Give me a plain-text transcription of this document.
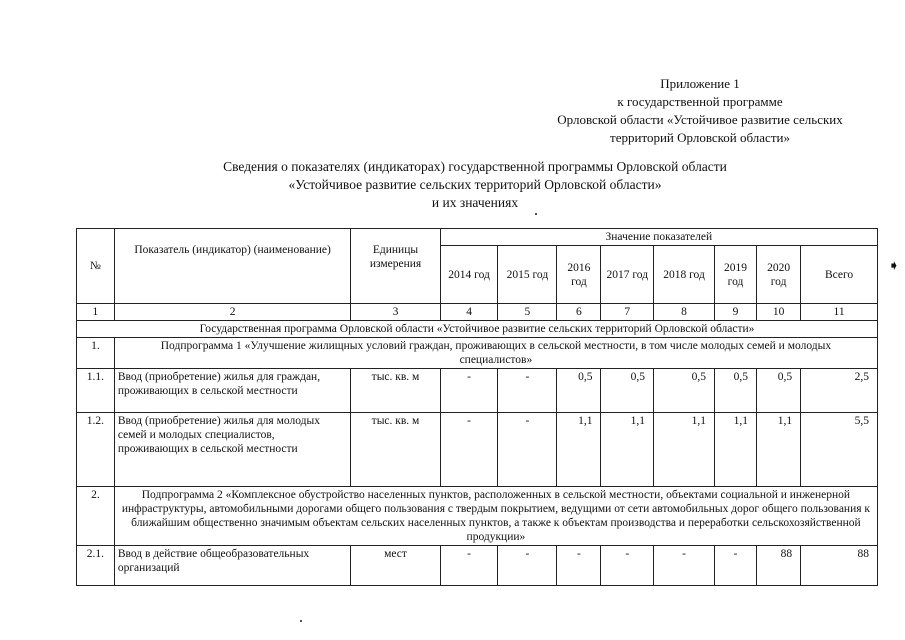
Приложение 1
к государственной программе
Орловской области «Устойчивое развитие сельских
территорий Орловской области»
Сведения о показателях (индикаторах) государственной программы Орловской области
«Устойчивое развитие сельских территорий Орловской области»
и их значениях
➧
№	Показатель (индикатор) (наименование)	Единицы измерения	Значение показателей							
			2014 год	2015 год	2016 год	2017 год	2018 год	2019 год	2020 год	Всего
1	2	3	4	5	6	7	8	9	10	11
Государственная программа Орловской области «Устойчивое развитие сельских территорий Орловской области»										
1.	Подпрограмма 1 «Улучшение жилищных условий граждан, проживающих в сельской местности, в том числе молодых семей и молодых специалистов»									
1.1.	Ввод (приобретение) жилья для граждан, проживающих в сельской местности	тыс. кв. м	-	-	0,5	0,5	0,5	0,5	0,5	2,5
1.2.	Ввод (приобретение) жилья для молодых семей и молодых специалистов, проживающих в сельской местности	тыс. кв. м	-	-	1,1	1,1	1,1	1,1	1,1	5,5
2.	Подпрограмма 2 «Комплексное обустройство населенных пунктов, расположенных в сельской местности, объектами социальной и инженерной инфраструктуры, автомобильными дорогами общего пользования с твердым покрытием, ведущими от сети автомобильных дорог общего пользования к ближайшим общественно значимым объектам сельских населенных пунктов, а также к объектам производства и переработки сельскохозяйственной продукции»									
2.1.	Ввод в действие общеобразовательных организаций	мест	-	-	-	-	-	-	88	88
